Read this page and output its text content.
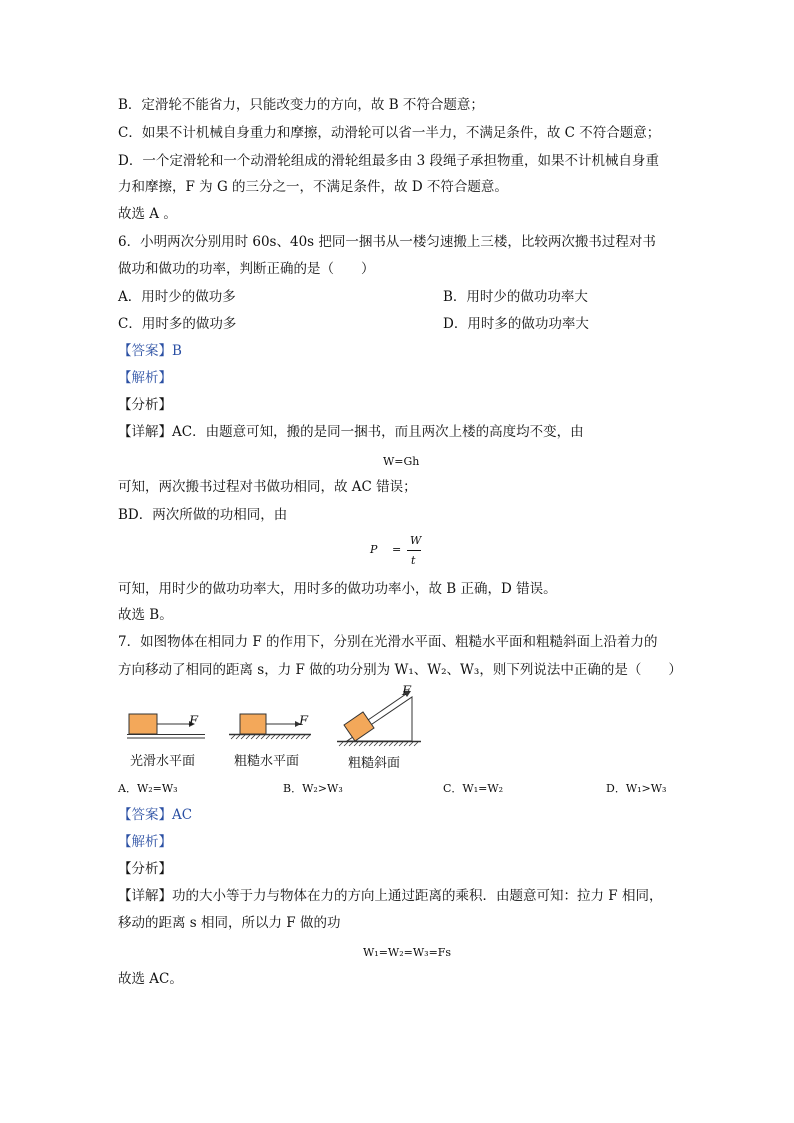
B．定滑轮不能省力，只能改变力的方向，故 B 不符合题意；
C．如果不计机械自身重力和摩擦，动滑轮可以省一半力，不满足条件，故 C 不符合题意；
D．一个定滑轮和一个动滑轮组成的滑轮组最多由 3 段绳子承担物重，如果不计机械自身重
力和摩擦，F 为 G 的三分之一，不满足条件，故 D 不符合题意。
故选 A 。
6．小明两次分别用时 60s、40s 把同一捆书从一楼匀速搬上三楼，比较两次搬书过程对书
做功和做功的功率，判断正确的是（　　）
A．用时少的做功多	B．用时少的做功功率大
C．用时多的做功多	D．用时多的做功功率大
【答案】B
【解析】
【分析】
【详解】AC．由题意可知，搬的是同一捆书，而且两次上楼的高度均不变，由
W=Gh
可知，两次搬书过程对书做功相同，故 AC 错误；
BD．两次所做的功相同，由
P =
W
t
可知，用时少的做功功率大，用时多的做功功率小，故 B 正确，D 错误。
故选 B。
7．如图物体在相同力 F 的作用下，分别在光滑水平面、粗糙水平面和粗糙斜面上沿着力的
方向移动了相同的距离 s，力 F 做的功分别为 W₁、W₂、W₃，则下列说法中正确的是（　　）
F
光滑水平面
F
粗糙水平面
F
粗糙斜面
A．W₂=W₃	B．W₂>W₃	C．W₁=W₂	D．W₁>W₃
【答案】AC
【解析】
【分析】
【详解】功的大小等于力与物体在力的方向上通过距离的乘积．由题意可知：拉力 F 相同，
移动的距离 s 相同，所以力 F 做的功
W₁=W₂=W₃=Fs
故选 AC。
